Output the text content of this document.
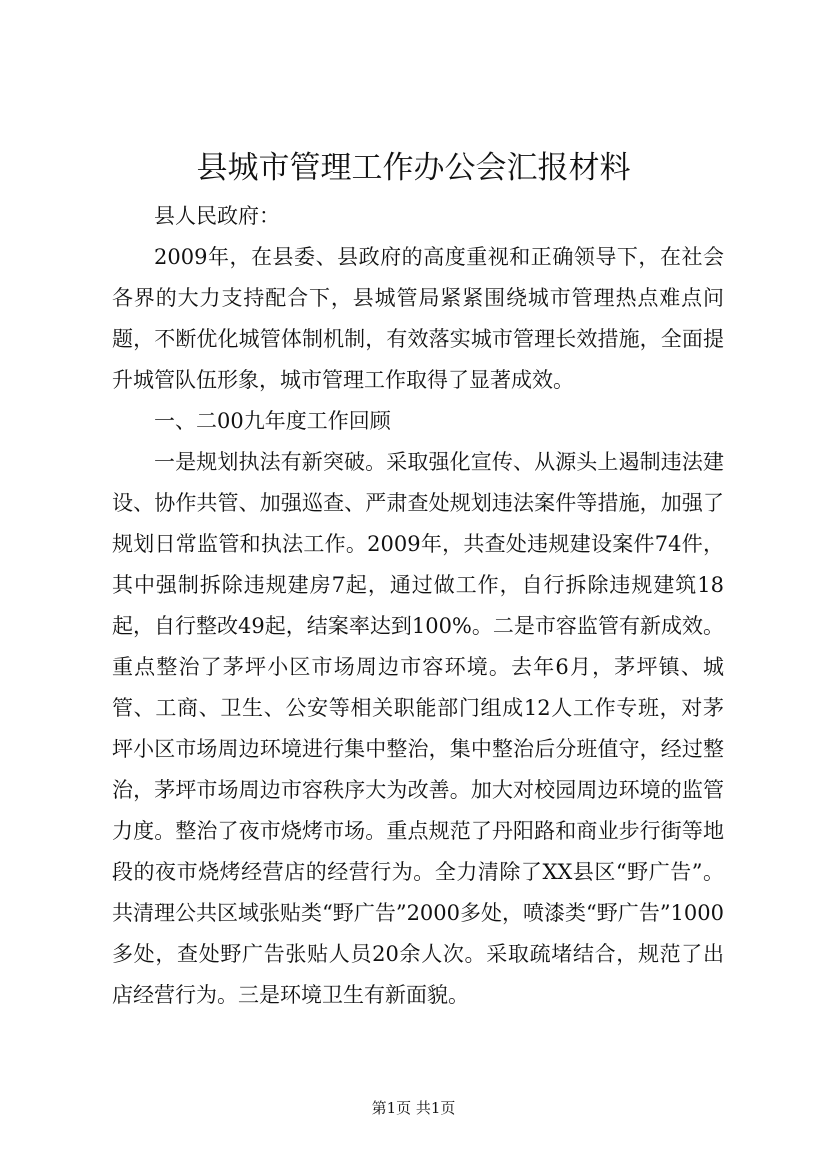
县城市管理工作办公会汇报材料

县人民政府：

2009年，在县委、县政府的高度重视和正确领导下，在社会各界的大力支持配合下，县城管局紧紧围绕城市管理热点难点问题，不断优化城管体制机制，有效落实城市管理长效措施，全面提升城管队伍形象，城市管理工作取得了显著成效。

一、二00九年度工作回顾

一是规划执法有新突破。采取强化宣传、从源头上遏制违法建设、协作共管、加强巡查、严肃查处规划违法案件等措施，加强了规划日常监管和执法工作。2009年，共查处违规建设案件74件，其中强制拆除违规建房7起，通过做工作，自行拆除违规建筑18起，自行整改49起，结案率达到100%。二是市容监管有新成效。重点整治了茅坪小区市场周边市容环境。去年6月，茅坪镇、城管、工商、卫生、公安等相关职能部门组成12人工作专班，对茅坪小区市场周边环境进行集中整治，集中整治后分班值守，经过整治，茅坪市场周边市容秩序大为改善。加大对校园周边环境的监管力度。整治了夜市烧烤市场。重点规范了丹阳路和商业步行街等地段的夜市烧烤经营店的经营行为。全力清除了XX县区“野广告”。共清理公共区域张贴类“野广告”2000多处，喷漆类“野广告”1000多处，查处野广告张贴人员20余人次。采取疏堵结合，规范了出店经营行为。三是环境卫生有新面貌。

第1页 共1页
